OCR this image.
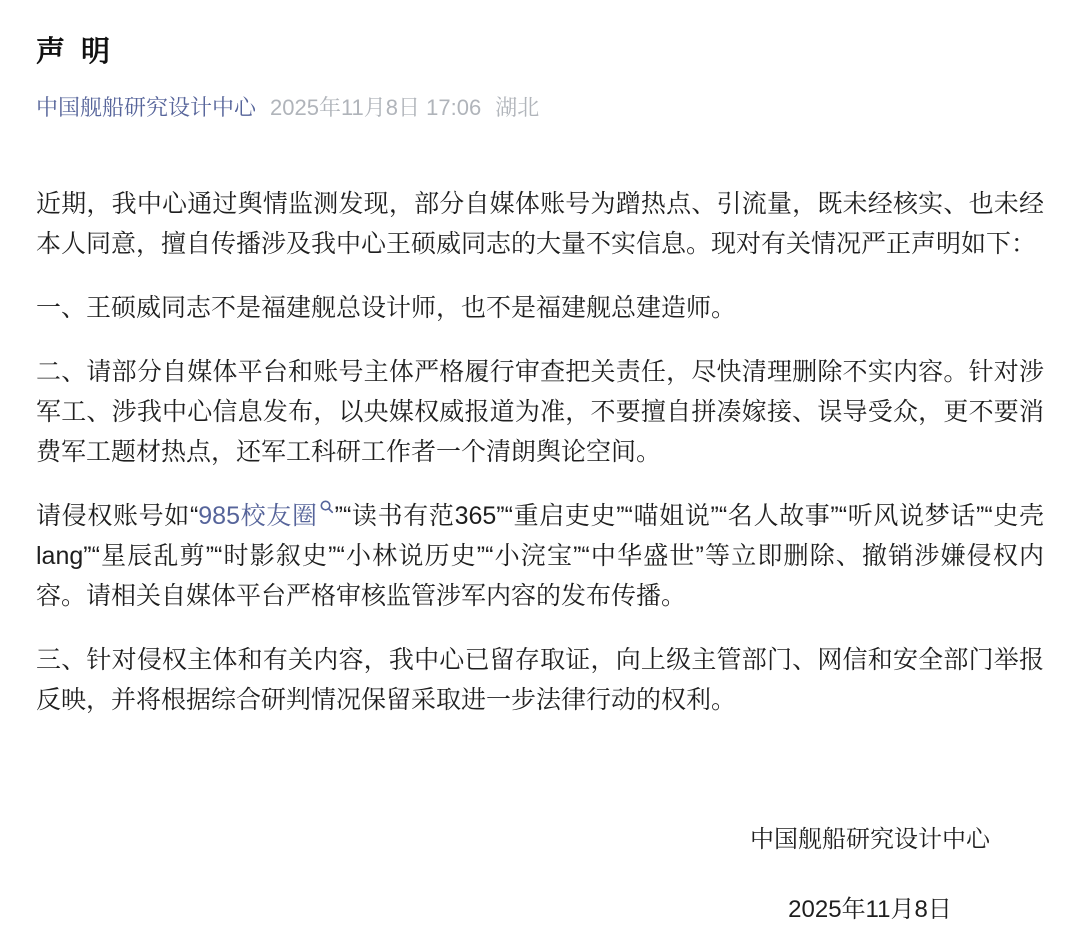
声 明
中国舰船研究设计中心 2025年11月8日 17:06 湖北

近期，我中心通过舆情监测发现，部分自媒体账号为蹭热点、引流量，既未经核实、也未经本人同意，擅自传播涉及我中心王硕威同志的大量不实信息。现对有关情况严正声明如下：

一、王硕威同志不是福建舰总设计师，也不是福建舰总建造师。

二、请部分自媒体平台和账号主体严格履行审查把关责任，尽快清理删除不实内容。针对涉军工、涉我中心信息发布，以央媒权威报道为准，不要擅自拼凑嫁接、误导受众，更不要消费军工题材热点，还军工科研工作者一个清朗舆论空间。

请侵权账号如“985校友圈 ”“读书有范365”“重启吏史”“喵姐说”“名人故事”“听风说梦话”“史壳lang”“星辰乱剪”“时影叙史”“小林说历史”“小浣宝”“中华盛世”等立即删除、撤销涉嫌侵权内容。请相关自媒体平台严格审核监管涉军内容的发布传播。

三、针对侵权主体和有关内容，我中心已留存取证，向上级主管部门、网信和安全部门举报反映，并将根据综合研判情况保留采取进一步法律行动的权利。

中国舰船研究设计中心
2025年11月8日
